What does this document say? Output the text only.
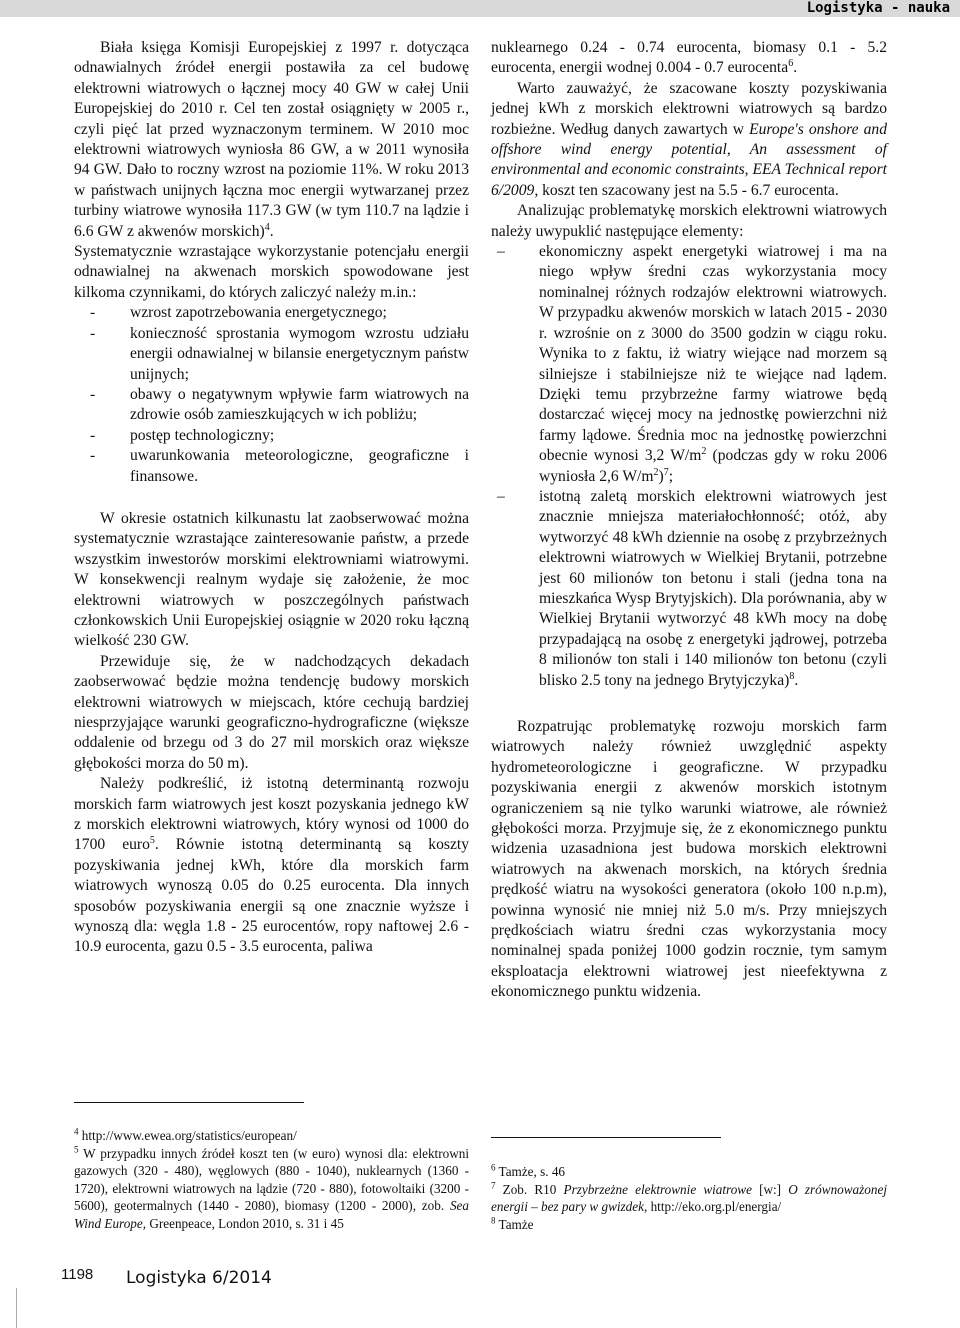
Logistyka - nauka

Biała księga Komisji Europejskiej z 1997 r. dotycząca odnawialnych źródeł energii postawiła za cel budowę elektrowni wiatrowych o łącznej mocy 40 GW w całej Unii Europejskiej do 2010 r. Cel ten został osiągnięty w 2005 r., czyli pięć lat przed wyznaczonym terminem. W 2010 moc elektrowni wiatrowych wyniosła 86 GW, a w 2011 wynosiła 94 GW. Dało to roczny wzrost na poziomie 11%. W roku 2013 w państwach unijnych łączna moc energii wytwarzanej przez turbiny wiatrowe wynosiła 117.3 GW (w tym 110.7 na lądzie i 6.6 GW z akwenów morskich)$^4$.

Systematycznie wzrastające wykorzystanie potencjału energii odnawialnej na akwenach morskich spowodowane jest kilkoma czynnikami, do których zaliczyć należy m.in.:

- wzrost zapotrzebowania energetycznego;
- konieczność sprostania wymogom wzrostu udziału energii odnawialnej w bilansie energetycznym państw unijnych;
- obawy o negatywnym wpływie farm wiatrowych na zdrowie osób zamieszkujących w ich pobliżu;
- postęp technologiczny;
- uwarunkowania meteorologiczne, geograficzne i finansowe.

W okresie ostatnich kilkunastu lat zaobserwować można systematycznie wzrastające zainteresowanie państw, a przede wszystkim inwestorów morskimi elektrowniami wiatrowymi. W konsekwencji realnym wydaje się założenie, że moc elektrowni wiatrowych w poszczególnych państwach członkowskich Unii Europejskiej osiągnie w 2020 roku łączną wielkość 230 GW.

Przewiduje się, że w nadchodzących dekadach zaobserwować będzie można tendencję budowy morskich elektrowni wiatrowych w miejscach, które cechują bardziej niesprzyjające warunki geograficzno-hydrograficzne (większe oddalenie od brzegu od 3 do 27 mil morskich oraz większe głębokości morza do 50 m).

Należy podkreślić, iż istotną determinantą rozwoju morskich farm wiatrowych jest koszt pozyskania jednego kW z morskich elektrowni wiatrowych, który wynosi od 1000 do 1700 euro$^5$. Równie istotną determinantą są koszty pozyskiwania jednej kWh, które dla morskich farm wiatrowych wynoszą 0.05 do 0.25 eurocenta. Dla innych sposobów pozyskiwania energii są one znacznie wyższe i wynoszą dla: węgla 1.8 - 25 eurocentów, ropy naftowej 2.6 - 10.9 eurocenta, gazu 0.5 - 3.5 eurocenta, paliwa

nuklearnego 0.24 - 0.74 eurocenta, biomasy 0.1 - 5.2 eurocenta, energii wodnej 0.004 - 0.7 eurocenta$^6$.

Warto zauważyć, że szacowane koszty pozyskiwania jednej kWh z morskich elektrowni wiatrowych są bardzo rozbieżne. Według danych zawartych w Europe's onshore and offshore wind energy potential, An assessment of environmental and economic constraints, EEA Technical report 6/2009, koszt ten szacowany jest na 5.5 - 6.7 eurocenta.

Analizując problematykę morskich elektrowni wiatrowych należy uwypuklić następujące elementy:

– ekonomiczny aspekt energetyki wiatrowej i ma na niego wpływ średni czas wykorzystania mocy nominalnej różnych rodzajów elektrowni wiatrowych. W przypadku akwenów morskich w latach 2015 - 2030 r. wzrośnie on z 3000 do 3500 godzin w ciągu roku. Wynika to z faktu, iż wiatry wiejące nad morzem są silniejsze i stabilniejsze niż te wiejące nad lądem. Dzięki temu przybrzeżne farmy wiatrowe będą dostarczać więcej mocy na jednostkę powierzchni niż farmy lądowe. Średnia moc na jednostkę powierzchni obecnie wynosi 3,2 $W/m^2$ (podczas gdy w roku 2006 wyniosła 2,6 $W/m^2)^7$;
– istotną zaletą morskich elektrowni wiatrowych jest znacznie mniejsza materiałochłonność; otóż, aby wytworzyć 48 kWh dziennie na osobę z przybrzeżnych elektrowni wiatrowych w Wielkiej Brytanii, potrzebne jest 60 milionów ton betonu i stali (jedna tona na mieszkańca Wysp Brytyjskich). Dla porównania, aby w Wielkiej Brytanii wytworzyć 48 kWh mocy na dobę przypadającą na osobę z energetyki jądrowej, potrzeba 8 milionów ton stali i 140 milionów ton betonu (czyli blisko 2.5 tony na jednego Brytyjczyka)$^8$.

Rozpatrując problematykę rozwoju morskich farm wiatrowych należy również uwzględnić aspekty hydrometeorologiczne i geograficzne. W przypadku pozyskiwania energii z akwenów morskich istotnym ograniczeniem są nie tylko warunki wiatrowe, ale również głębokości morza. Przyjmuje się, że z ekonomicznego punktu widzenia uzasadniona jest budowa morskich elektrowni wiatrowych na akwenach morskich, na których średnia prędkość wiatru na wysokości generatora (około 100 n.p.m), powinna wynosić nie mniej niż 5.0 m/s. Przy mniejszych prędkościach wiatru średni czas wykorzystania mocy nominalnej spada poniżej 1000 godzin rocznie, tym samym eksploatacja elektrowni wiatrowej jest nieefektywna z ekonomicznego punktu widzenia.

$^4$ http://www.ewea.org/statistics/european/

$^5$ W przypadku innych źródeł koszt ten (w euro) wynosi dla: elektrowni gazowych (320 - 480), węglowych (880 - 1040), nuklearnych (1360 - 1720), elektrowni wiatrowych na lądzie (720 - 880), fotowoltaiki (3200 - 5600), geotermalnych (1440 - 2080), biomasy (1200 - 2000), zob. Sea Wind Europe, Greenpeace, London 2010, s. 31 i 45

$^6$ Tamże, s. 46

$^7$ Zob. R10 Przybrzeżne elektrownie wiatrowe [w:] O zrównoważonej energii – bez pary w gwizdek, http://eko.org.pl/energia/

$^8$ Tamże

1198 Logistyka 6/2014
